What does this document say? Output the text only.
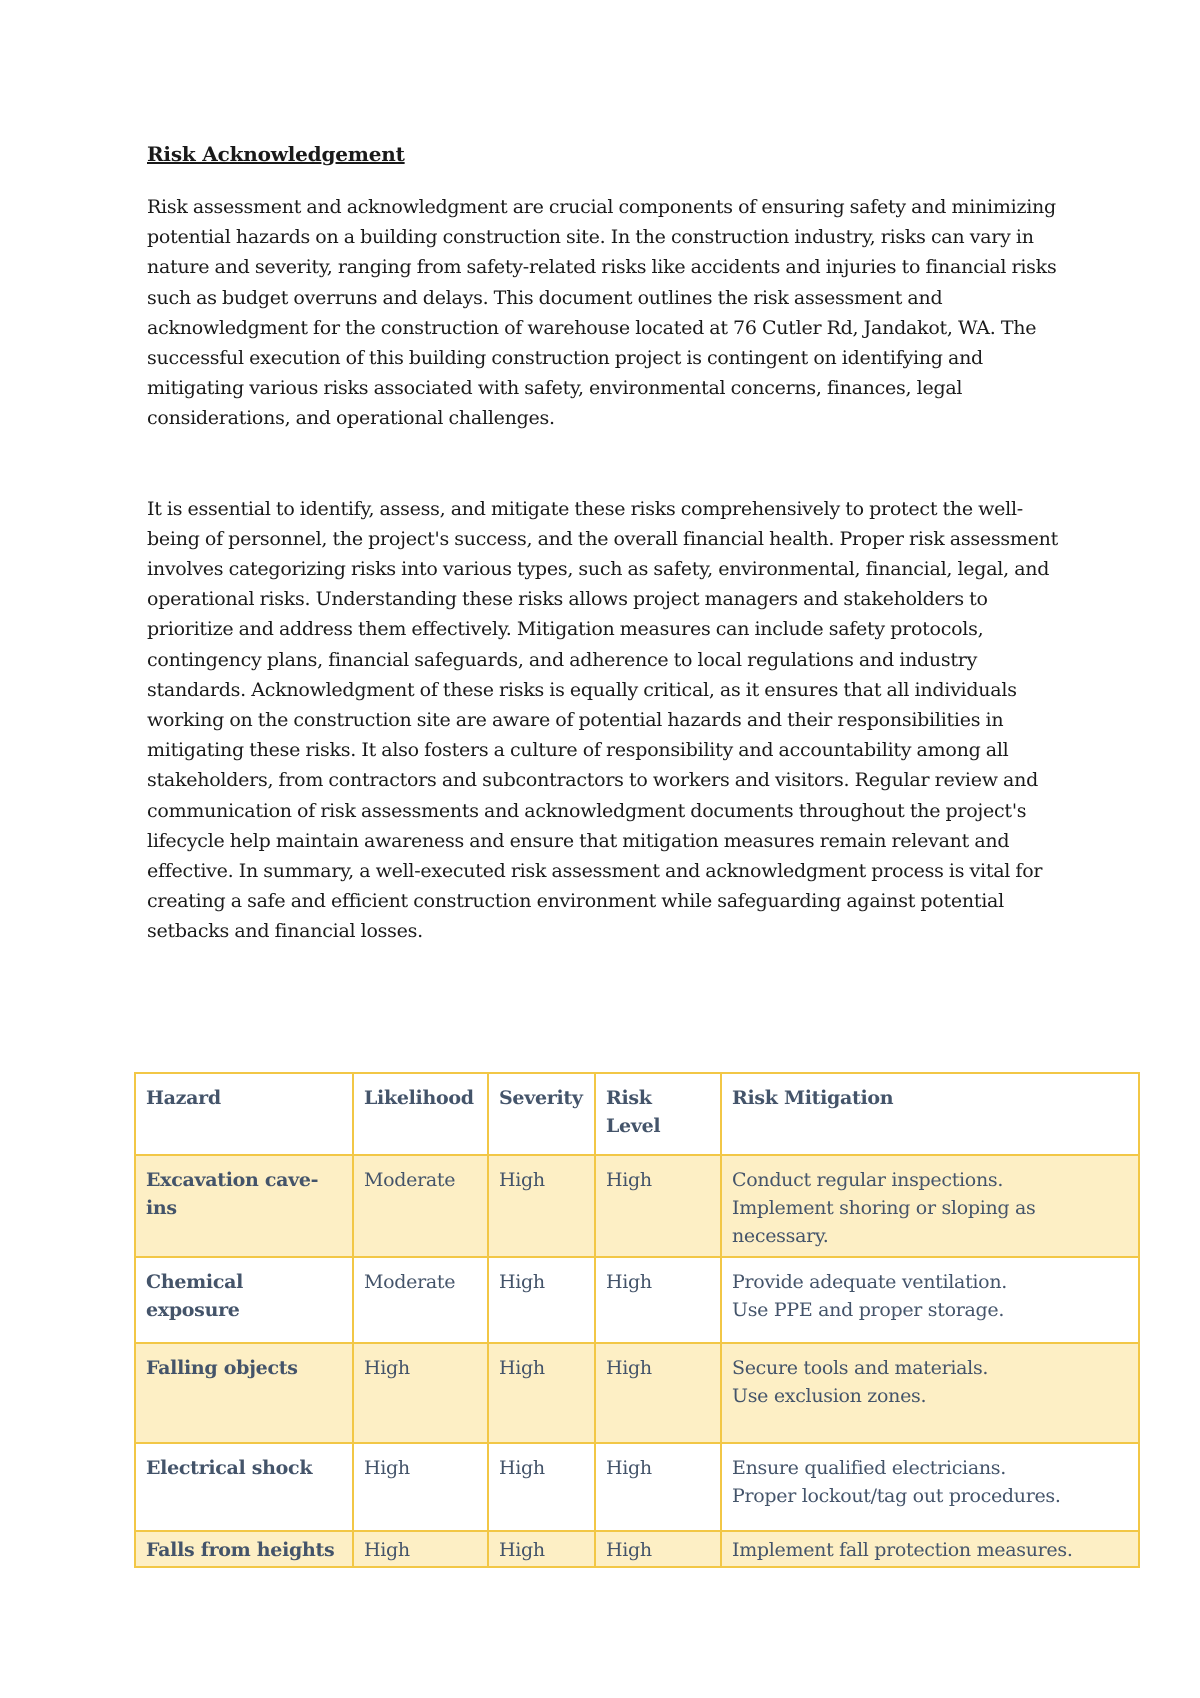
Risk Acknowledgement

Risk assessment and acknowledgment are crucial components of ensuring safety and minimizing potential hazards on a building construction site. In the construction industry, risks can vary in nature and severity, ranging from safety-related risks like accidents and injuries to financial risks such as budget overruns and delays. This document outlines the risk assessment and acknowledgment for the construction of warehouse located at 76 Cutler Rd, Jandakot, WA. The successful execution of this building construction project is contingent on identifying and mitigating various risks associated with safety, environmental concerns, finances, legal considerations, and operational challenges.

It is essential to identify, assess, and mitigate these risks comprehensively to protect the well-being of personnel, the project's success, and the overall financial health. Proper risk assessment involves categorizing risks into various types, such as safety, environmental, financial, legal, and operational risks. Understanding these risks allows project managers and stakeholders to prioritize and address them effectively. Mitigation measures can include safety protocols, contingency plans, financial safeguards, and adherence to local regulations and industry standards. Acknowledgment of these risks is equally critical, as it ensures that all individuals working on the construction site are aware of potential hazards and their responsibilities in mitigating these risks. It also fosters a culture of responsibility and accountability among all stakeholders, from contractors and subcontractors to workers and visitors. Regular review and communication of risk assessments and acknowledgment documents throughout the project's lifecycle help maintain awareness and ensure that mitigation measures remain relevant and effective. In summary, a well-executed risk assessment and acknowledgment process is vital for creating a safe and efficient construction environment while safeguarding against potential setbacks and financial losses.

Hazard	Likelihood	Severity	Risk Level	Risk Mitigation
Excavation cave-ins	Moderate	High	High	Conduct regular inspections.
Implement shoring or sloping as necessary.

Chemical exposure	Moderate	High	High	Provide adequate ventilation.
Use PPE and proper storage.

Falling objects	High	High	High	Secure tools and materials.
Use exclusion zones.

Electrical shock	High	High	High	Ensure qualified electricians.
Proper lockout/tag out procedures.

Falls from heights	High	High	High	Implement fall protection measures.
